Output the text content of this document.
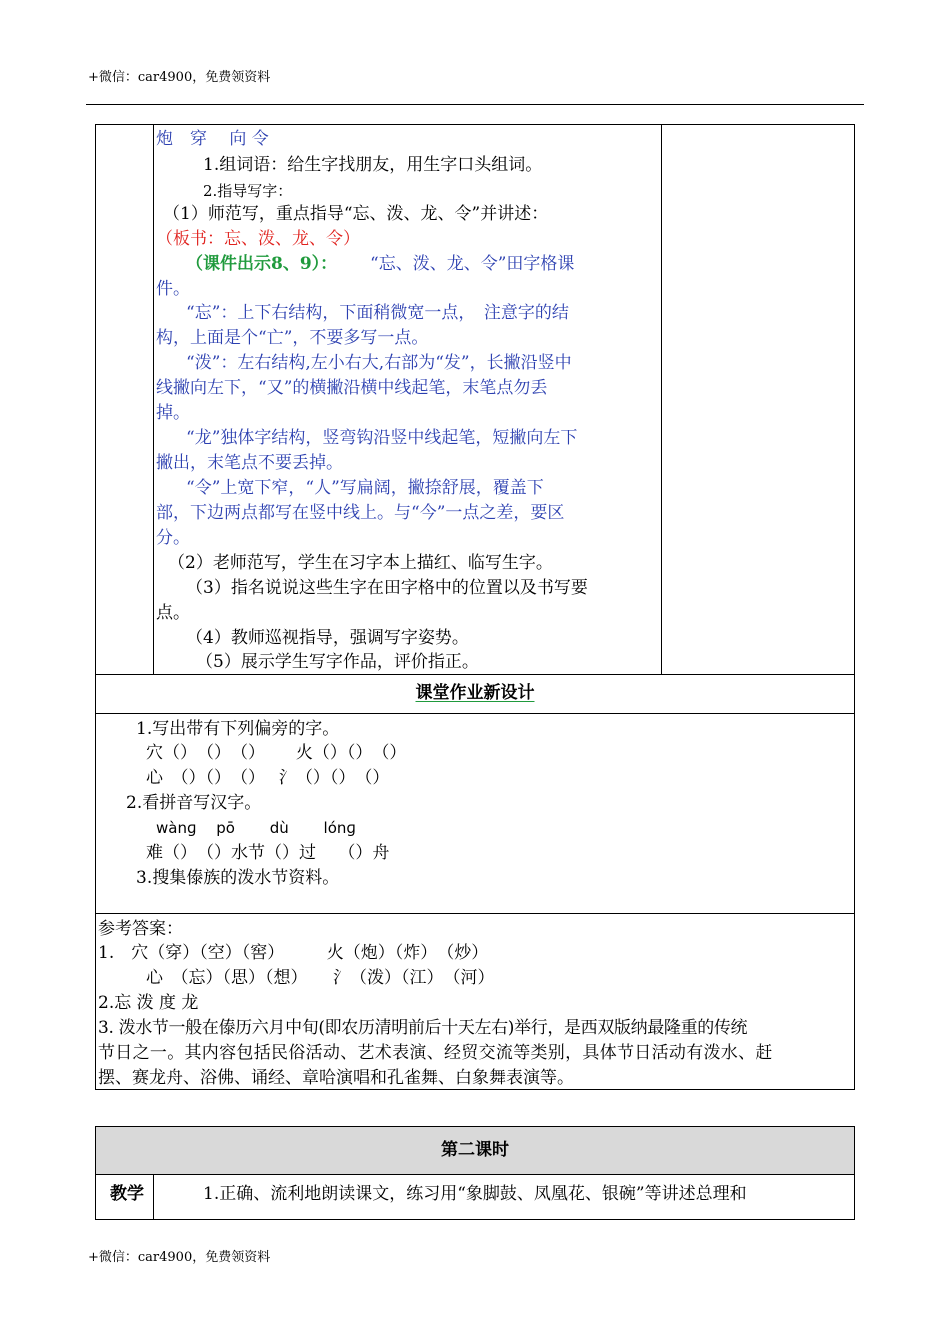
+微信：car4900，免费领资料
炮　穿　 向 令
1.组词语：给生字找朋友，用生字口头组词。
2.指导写字：
（1）师范写，重点指导“忘、泼、龙、令”并讲述：
（板书：忘、泼、龙、令）
（课件出示8、9）： “忘、泼、龙、令”田字格课
件。
“忘”：上下右结构，下面稍微宽一点，　注意字的结
构，上面是个“亡”，不要多写一点。
“泼”：左右结构,左小右大,右部为“发”，长撇沿竖中
线撇向左下，“又”的横撇沿横中线起笔，末笔点勿丢
掉。
“龙”独体字结构，竖弯钩沿竖中线起笔，短撇向左下
撇出，末笔点不要丢掉。
“令”上宽下窄，“人”写扁阔，撇捺舒展，覆盖下
部，下边两点都写在竖中线上。与“今”一点之差，要区
分。
（2）老师范写，学生在习字本上描红、临写生字。
（3）指名说说这些生字在田字格中的位置以及书写要
点。
（4）教师巡视指导，强调写字姿势。
（5）展示学生写字作品，评价指正。
课堂作业新设计
1.写出带有下列偏旁的字。
穴（）　（）　（）　　 火（）（）　（）
心　（）（）　（）　 氵（）（）　（）
2.看拼音写汉字。
wànɡ　 pō　　 dù　　 lónɡ
难（）　（）水节（）过　 （）舟
3.搜集傣族的泼水节资料。
参考答案：
1.　穴（穿）（空）（窖）　　　火（炮）（炸）　（炒）
心　（忘）（思）（想）　　氵（泼）（江）　（河）
2.忘 泼 度 龙
3. 泼水节一般在傣历六月中旬(即农历清明前后十天左右)举行，是西双版纳最隆重的传统
节日之一。其内容包括民俗活动、艺术表演、经贸交流等类别，具体节日活动有泼水、赶
摆、赛龙舟、浴佛、诵经、章哈演唱和孔雀舞、白象舞表演等。
第二课时
教学	1.正确、流利地朗读课文，练习用“象脚鼓、凤凰花、银碗”等讲述总理和
+微信：car4900，免费领资料
